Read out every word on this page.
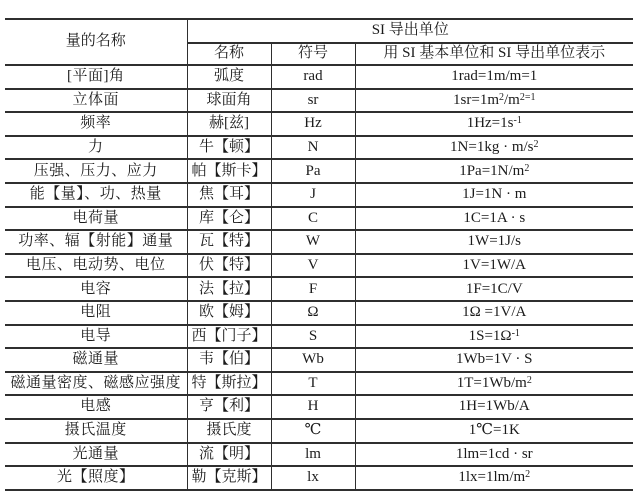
量的名称	SI 导出单位		
	名称	符号	用 SI 基本单位和 SI 导出单位表示
[平面]角	弧度	rad	1rad=1m/m=1
立体面	球面角	sr	$1sr=1m^2/m^{2=1}$
频率	赫[兹]	Hz	$1Hz=1s^{-1}$
力	牛【顿】	N	$1N=1kg \cdot m/s^2$
压强、压力、应力	帕【斯卡】	Pa	$1Pa=1N/m^2$
能【量】、功、热量	焦【耳】	J	1J=1N · m
电荷量	库【仑】	C	1C=1A · s
功率、辐【射能】通量	瓦【特】	W	1W=1J/s
电压、电动势、电位	伏【特】	V	1V=1W/A
电容	法【拉】	F	1F=1C/V
电阻	欧【姆】	Ω	1Ω =1V/A
电导	西【门子】	S	$1S=1\Omega^{-1}$
磁通量	韦【伯】	Wb	1Wb=1V · S
磁通量密度、磁感应强度	特【斯拉】	T	$1T=1Wb/m^2$
电感	亨【利】	H	1H=1Wb/A
摄氏温度	摄氏度	℃	1℃=1K
光通量	流【明】	lm	1lm=1cd · sr
光【照度】	勒【克斯】	lx	$1lx=1lm/m^2$
